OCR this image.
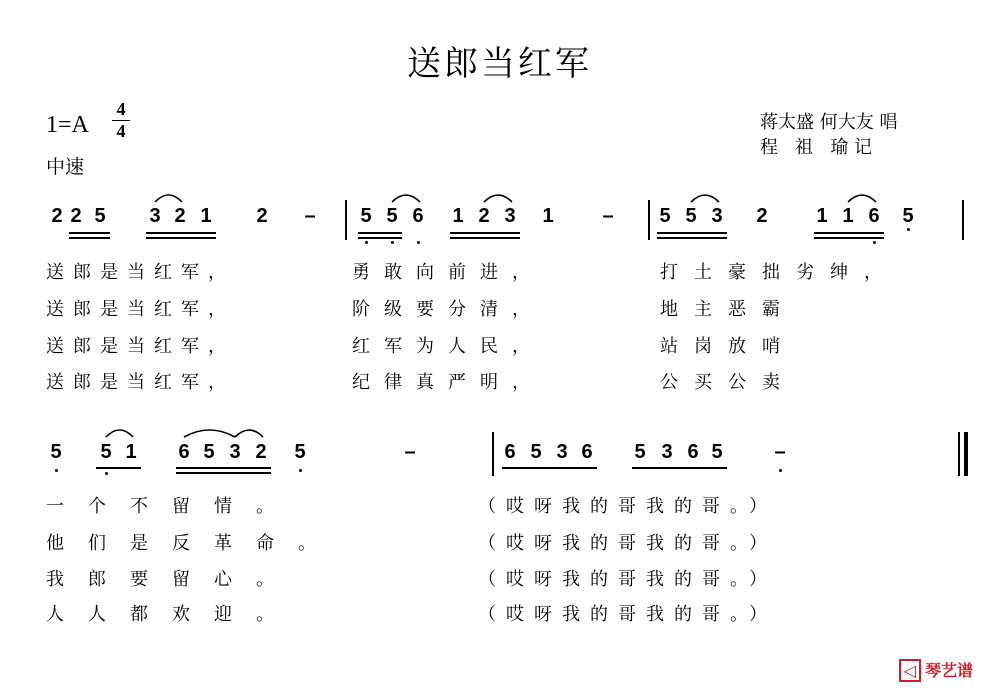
送郎当红军
1=A
4
4
中速
蒋太盛 何大友 唱
程   祖   瑜 记
2 2 5 3 2 1 2 – 5 5 6 1 2 3 1 – 5 5 3 2 1 1 6 5
5 5 1 6 5 3 2 5	–	6 5 3 6 5 3 6 5	–
送郎是当红军，	勇敢向前进，	打土豪拙劣绅，
送郎是当红军，	阶级要分清，	地主恶霸
送郎是当红军，	红军为人民，	站岗放哨
送郎是当红军，	纪律真严明，	公买公卖
一个不留情。	（哎呀我的哥我的哥。）
他们是反革命。	（哎呀我的哥我的哥。）
我郎要留心。	（哎呀我的哥我的哥。）
人人都欢迎。	（哎呀我的哥我的哥。）
◁ 琴艺谱
